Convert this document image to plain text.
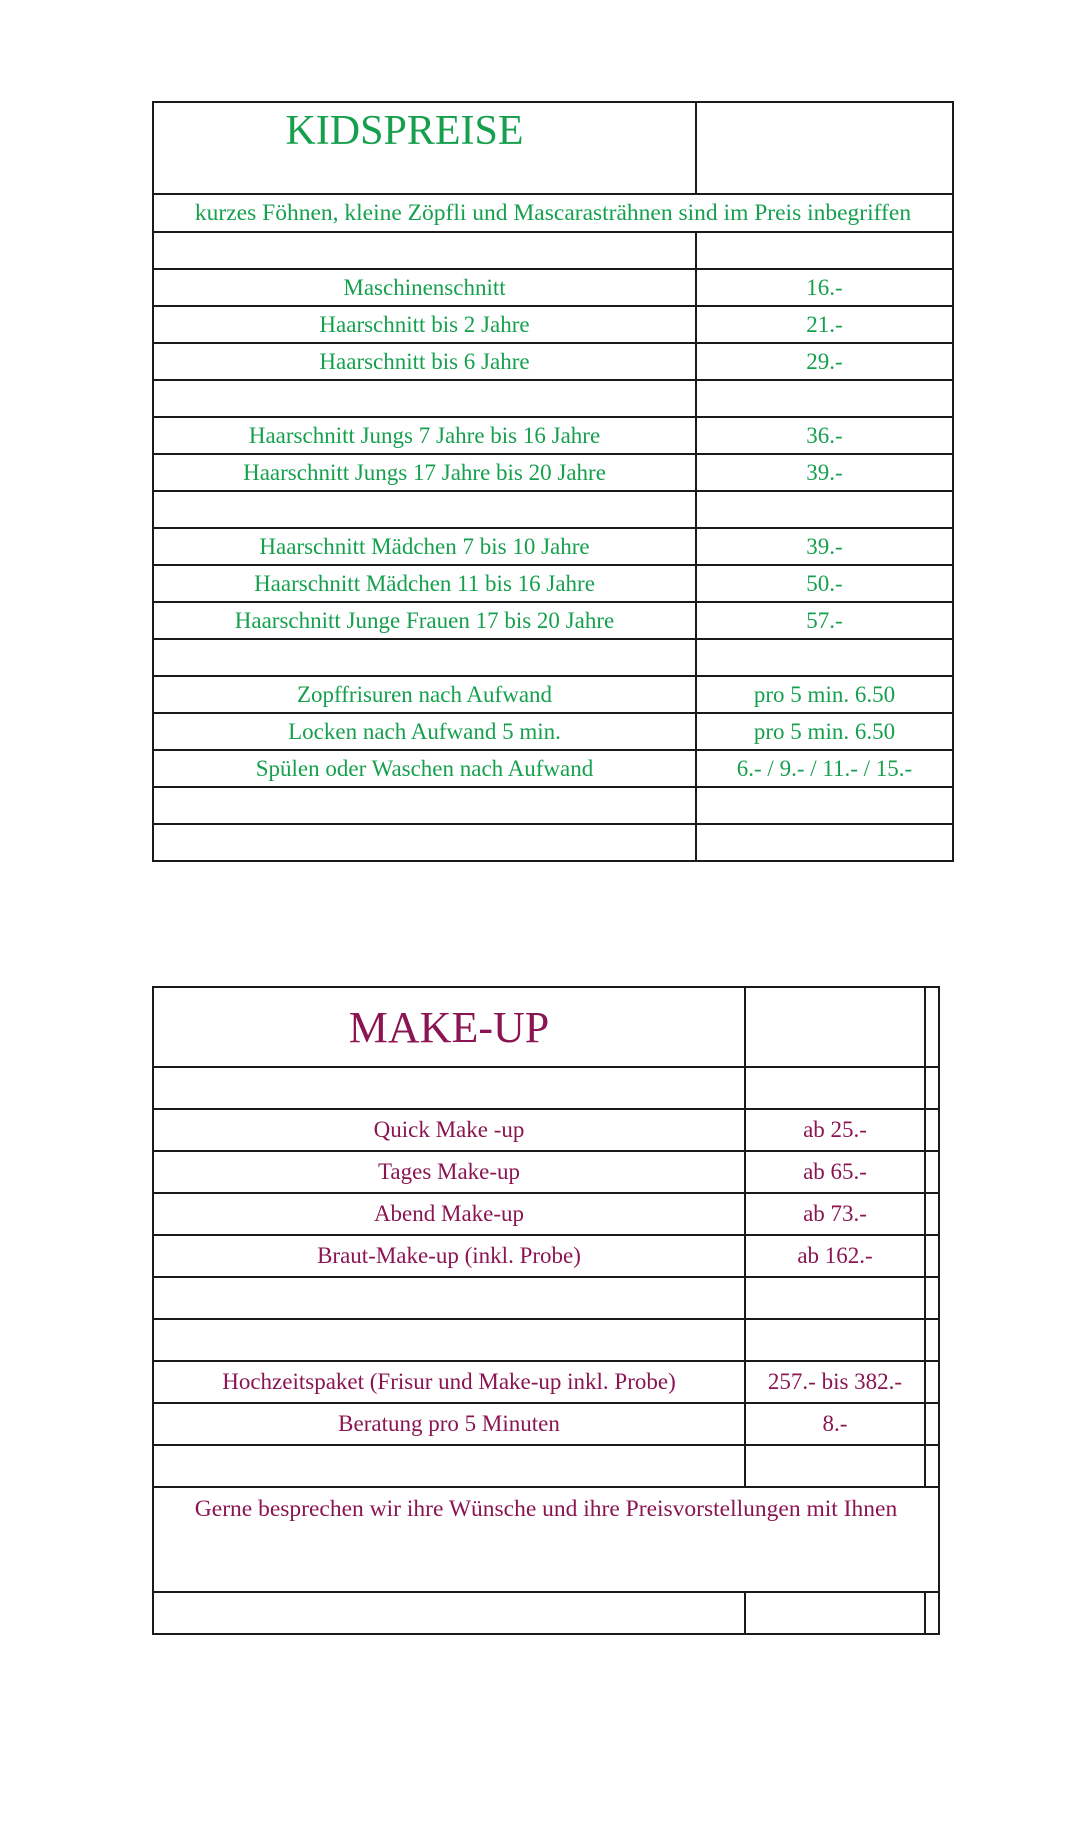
KIDSPREISE	
kurzes Föhnen, kleine Zöpfli und Mascarasträhnen sind im Preis inbegriffen	

Maschinenschnitt	16.-
Haarschnitt bis 2 Jahre	21.-
Haarschnitt bis 6 Jahre	29.-

Haarschnitt Jungs 7 Jahre bis 16 Jahre	36.-
Haarschnitt Jungs 17 Jahre bis 20 Jahre	39.-

Haarschnitt Mädchen 7 bis 10 Jahre	39.-
Haarschnitt Mädchen 11 bis 16 Jahre	50.-
Haarschnitt Junge Frauen 17 bis 20 Jahre	57.-

Zopffrisuren nach Aufwand	pro 5 min. 6.50
Locken nach Aufwand 5 min.	pro 5 min. 6.50
Spülen oder Waschen nach Aufwand	6.- / 9.- / 11.- / 15.-

MAKE-UP		

Quick Make -up	ab 25.-	
Tages Make-up	ab 65.-	
Abend Make-up	ab 73.-	
Braut-Make-up (inkl. Probe)	ab 162.-	

Hochzeitspaket (Frisur und Make-up inkl. Probe)	257.- bis 382.-	
Beratung pro 5 Minuten	8.-	

Gerne besprechen wir ihre Wünsche und ihre Preisvorstellungen mit Ihnen		
